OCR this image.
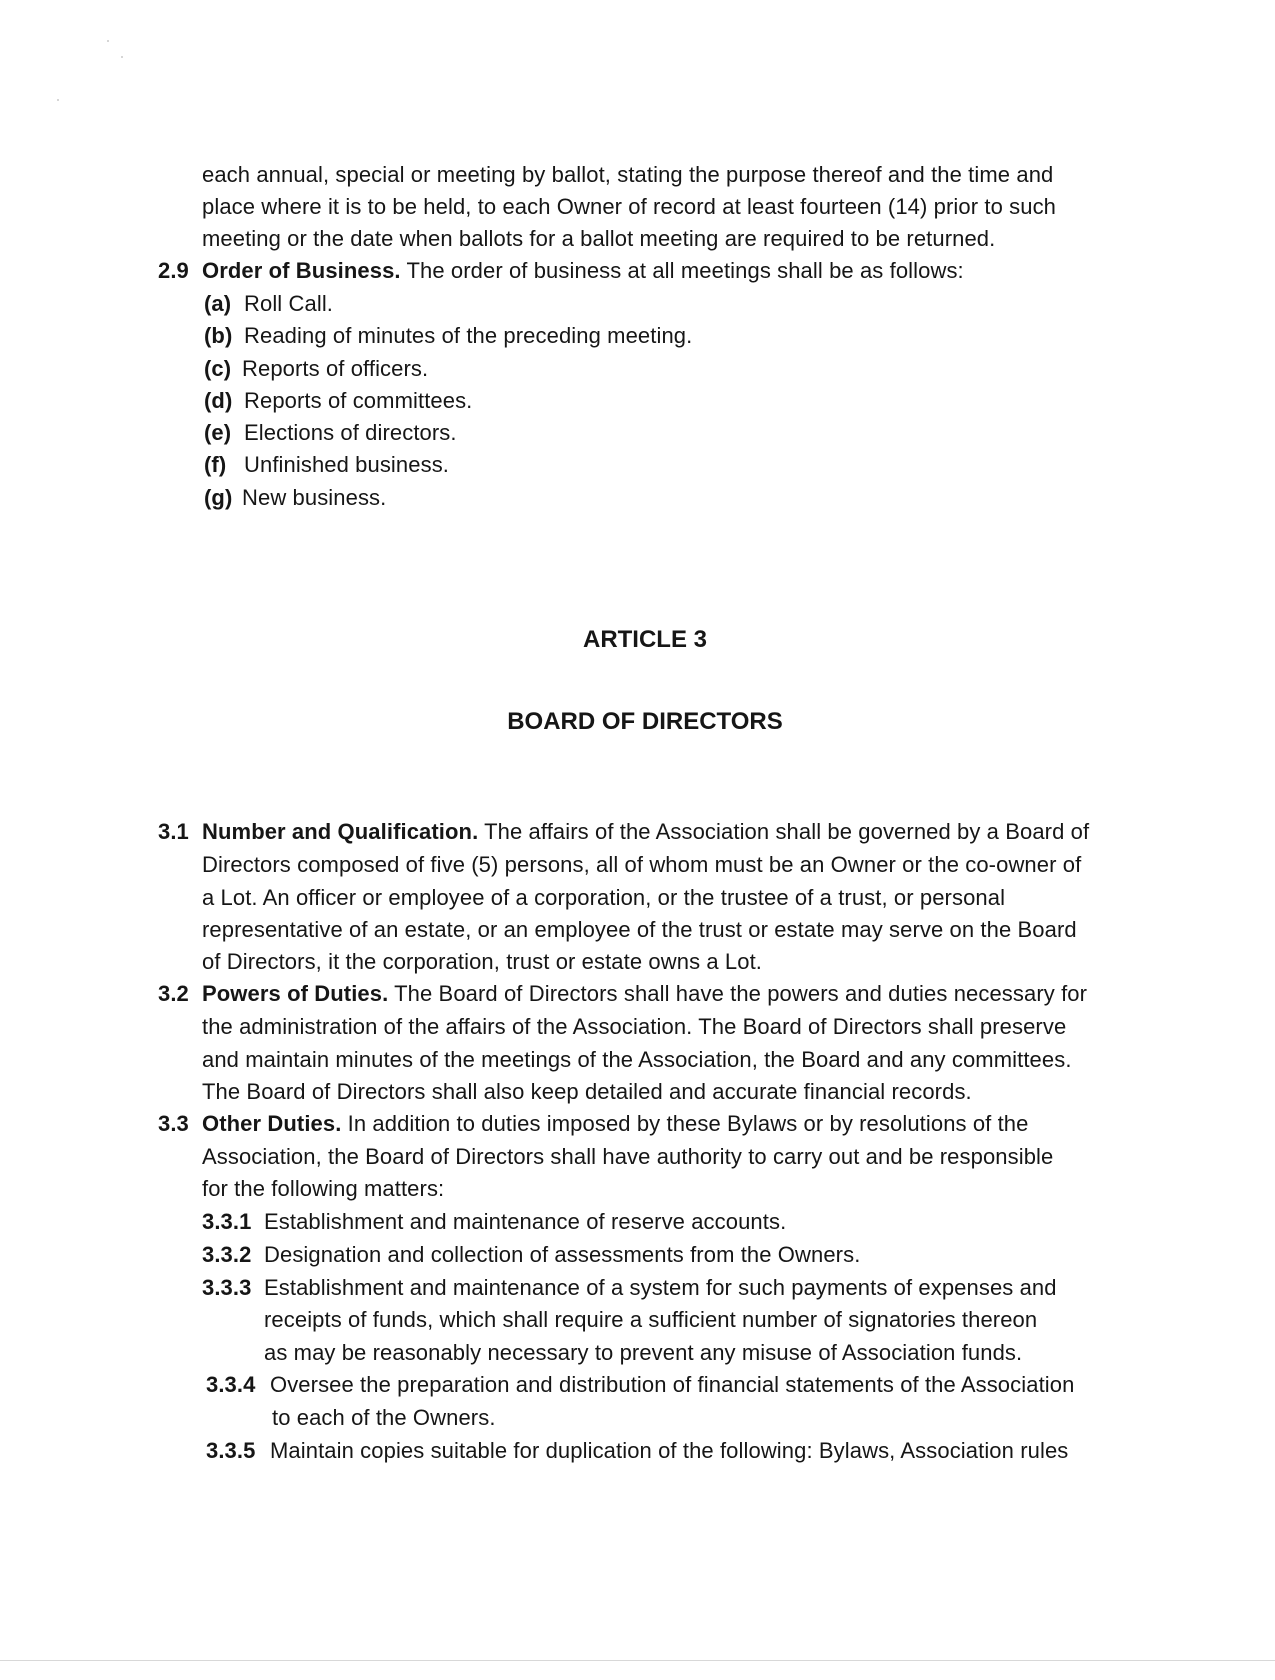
each annual, special or meeting by ballot, stating the purpose thereof and the time and
place where it is to be held, to each Owner of record at least fourteen (14) prior to such
meeting or the date when ballots for a ballot meeting are required to be returned.
2.9 Order of Business. The order of business at all meetings shall be as follows:
(a) Roll Call.
(b) Reading of minutes of the preceding meeting.
(c) Reports of officers.
(d) Reports of committees.
(e) Elections of directors.
(f) Unfinished business.
(g) New business.
ARTICLE 3
BOARD OF DIRECTORS
3.1 Number and Qualification. The affairs of the Association shall be governed by a Board of
Directors composed of five (5) persons, all of whom must be an Owner or the co-owner of
a Lot. An officer or employee of a corporation, or the trustee of a trust, or personal
representative of an estate, or an employee of the trust or estate may serve on the Board
of Directors, it the corporation, trust or estate owns a Lot.
3.2 Powers of Duties. The Board of Directors shall have the powers and duties necessary for
the administration of the affairs of the Association. The Board of Directors shall preserve
and maintain minutes of the meetings of the Association, the Board and any committees.
The Board of Directors shall also keep detailed and accurate financial records.
3.3 Other Duties. In addition to duties imposed by these Bylaws or by resolutions of the
Association, the Board of Directors shall have authority to carry out and be responsible
for the following matters:
3.3.1 Establishment and maintenance of reserve accounts.
3.3.2 Designation and collection of assessments from the Owners.
3.3.3 Establishment and maintenance of a system for such payments of expenses and
receipts of funds, which shall require a sufficient number of signatories thereon
as may be reasonably necessary to prevent any misuse of Association funds.
3.3.4 Oversee the preparation and distribution of financial statements of the Association
to each of the Owners.
3.3.5 Maintain copies suitable for duplication of the following: Bylaws, Association rules
